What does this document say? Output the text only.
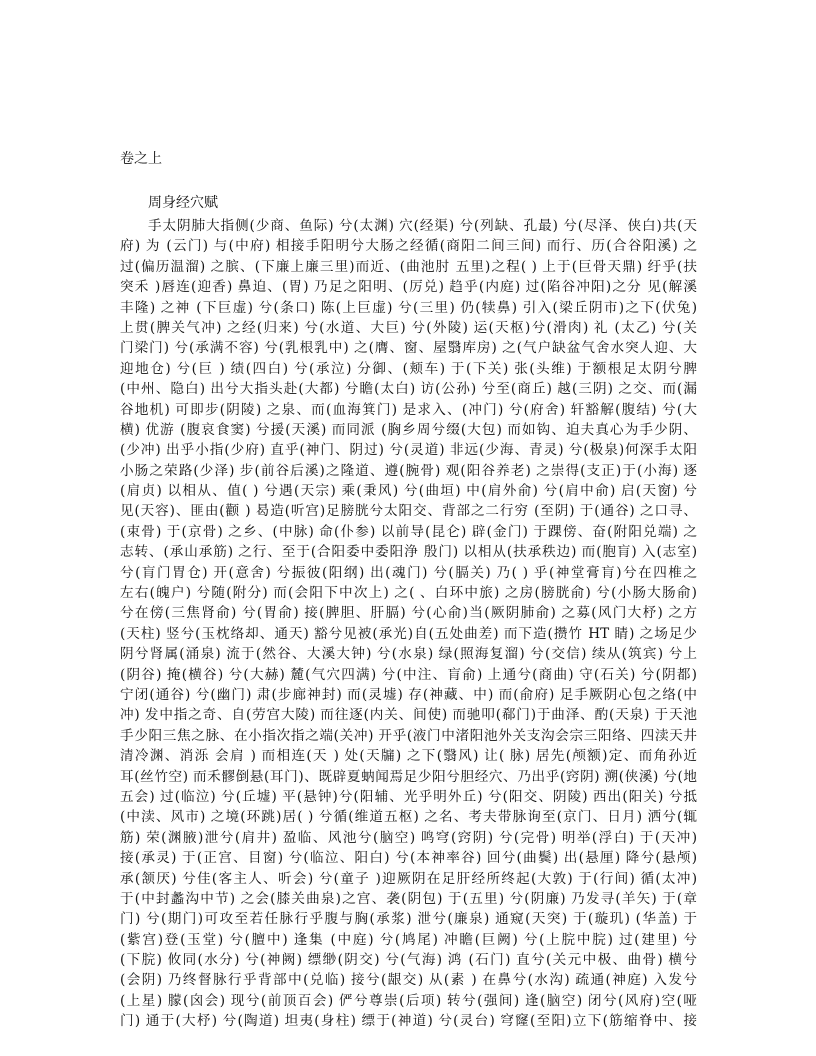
卷之上
周身经穴赋
手太阴肺大指侧(少商、鱼际) 兮(太渊) 穴(经渠) 兮(列缺、孔最) 兮(尽泽、侠白)共(天
府) 为 (云门) 与(中府) 相接手阳明兮大肠之经循(商阳二间三间) 而行、历(合谷阳溪) 之
过(偏历温溜) 之膑、(下廉上廉三里)而近、(曲池肘 五里)之程( ) 上于(巨骨天鼎) 纡乎(扶
突禾 )唇连(迎香) 鼻迫、(胃) 乃足之阳明、(厉兑) 趋乎(内庭) 过(陷谷冲阳)之分 见(解溪
丰隆) 之神 (下巨虚) 兮(条口) 陈(上巨虚) 兮(三里) 仍(犊鼻) 引入(梁丘阴市)之下(伏兔)
上贯(脾关气冲) 之经(归来) 兮(水道、大巨) 兮(外陵) 运(天枢)兮(滑肉) 礼 (太乙) 兮(关
门梁门) 兮(承满不容) 兮(乳根乳中) 之(膺、窗、屋翳库房) 之(气户缺盆气舍水突人迎、大
迎地仓) 兮(巨 ) 绩(四白) 兮(承泣) 分御、(颊车) 于(下关) 张(头维) 于额根足太阴兮脾
(中州、隐白) 出兮大指头赴(大都) 兮瞻(太白) 访(公孙) 兮至(商丘) 越(三阴) 之交、而(漏
谷地机) 可即步(阴陵) 之泉、而(血海箕门) 是求入、(冲门) 兮(府舍) 轩豁解(腹结) 兮(大
横) 优游 (腹哀食窦) 兮援(天溪) 而同派 (胸乡周兮缀(大包) 而如钩、迫夫真心为手少阴、
(少冲) 出乎小指(少府) 直乎(神门、阴过) 兮(灵道) 非远(少海、青灵) 兮(极泉)何深手太阳
小肠之荣路(少泽) 步(前谷后溪)之隆道、遵(腕骨) 观(阳谷养老) 之崇得(支正)于(小海) 逐
(肩贞) 以相从、值( ) 兮遇(天宗) 乘(秉风) 兮(曲垣) 中(肩外俞) 兮(肩中俞) 启(天窗) 兮
见(天容)、匪由(颧 ) 曷造(听宫)足膀胱兮太阳交、背部之二行穷 (至阴) 于(通谷) 之口寻、
(束骨) 于(京骨) 之乡、(中脉) 命(仆参) 以前导(昆仑) 辟(金门) 于踝傍、奋(附阳兑端) 之
志转、(承山承筋) 之行、至于(合阳委中委阳浄 殷门) 以相从(扶承秩边) 而(胞肓) 入(志室)
兮(肓门胃仓) 开(意舍) 兮振彼(阳纲) 出(魂门) 兮(膈关) 乃( ) 乎(神堂膏肓)兮在四椎之
左右(魄户) 兮随(附分) 而(会阳下中次上) 之( 、白环中旅) 之房(膀胱俞) 兮(小肠大肠俞)
兮在傍(三焦肾俞) 兮(胃俞) 接(脾胆、肝膈) 兮(心俞)当(厥阴肺俞) 之募(风门大杼) 之方
(天柱) 竖兮(玉枕络却、通天) 豁兮见被(承光)自(五处曲差) 而下造(攒竹 HT 睛) 之场足少
阴兮肾属(涌泉) 流于(然谷、大溪大钟) 兮(水泉) 绿(照海复溜) 兮(交信) 续从(筑宾) 兮上
(阴谷) 掩(横谷) 兮(大赫) 麓(气穴四满) 兮(中注、肓俞) 上通兮(商曲) 守(石关) 兮(阴都)
宁闭(通谷) 兮(幽门) 肃(步廊神封) 而(灵墟) 存(神藏、中) 而(俞府) 足手厥阴心包之络(中
冲) 发中指之奇、自(劳宫大陵) 而往逐(内关、间使) 而驰叩(郗门)于曲泽、酌(天泉) 于天池
手少阳三焦之脉、在小指次指之端(关冲) 开乎(液门中渚阳池外关支沟会宗三阳络、四渎天井
清冷渊、消泺 会肩 ) 而相连(天 ) 处(天牖) 之下(翳风) 让( 脉) 居先(颅额)定、而角孙近
耳(丝竹空) 而禾髎倒悬(耳门)、既辟夏蚋闻焉足少阳兮胆经穴、乃出乎(窍阴) 溯(侠溪) 兮(地
五会) 过(临泣) 兮(丘墟) 平(悬钟)兮(阳辅、光乎明外丘) 兮(阳交、阴陵) 西出(阳关) 兮抵
(中渎、风市) 之境(环跳)居( ) 兮循(维道五枢) 之名、考夫带脉询至(京门、日月) 洒兮(辄
筋) 荣(渊腋)泄兮(肩井) 盈临、风池兮(脑空) 鸣穹(窍阴) 兮(完骨) 明举(浮白) 于(天冲)
接(承灵) 于(正宫、目窗) 兮(临泣、阳白) 兮(本神率谷) 回兮(曲鬓) 出(悬厘) 降兮(悬颅)
承(颔厌) 兮佳(客主人、听会) 兮(童子 )迎厥阴在足肝经所终起(大敦) 于(行间) 循(太冲)
于(中封蠡沟中节) 之会(膝关曲泉)之宫、袭(阴包) 于(五里) 兮(阴廉) 乃发寻(羊矢) 于(章
门) 兮(期门)可攻至若任脉行乎腹与胸(承浆) 泄兮(廉泉) 通窥(天突) 于(璇玑) (华盖) 于
(紫宫)登(玉堂) 兮(膻中) 逢集 (中庭) 兮(鸠尾) 冲瞻(巨阙) 兮(上脘中脘) 过(建里) 兮
(下脘) 攸同(水分) 兮(神阙) 缥缈(阴交) 兮(气海) 鸿 (石门) 直兮(关元中极、曲骨) 横兮
(会阴) 乃终督脉行乎背部中(兑临) 接兮(龈交) 从(素 ) 在鼻兮(水沟) 疏通(神庭) 入发兮
(上星) 朦(囟会) 现兮(前顶百会) 俨兮尊崇(后项) 转兮(强间) 逢(脑空) 闭兮(风府)空(哑
门) 通于(大杼) 兮(陶道) 坦夷(身柱) 缥于(神道) 兮(灵台) 穹窿(至阳)立下(筋缩脊中、接
